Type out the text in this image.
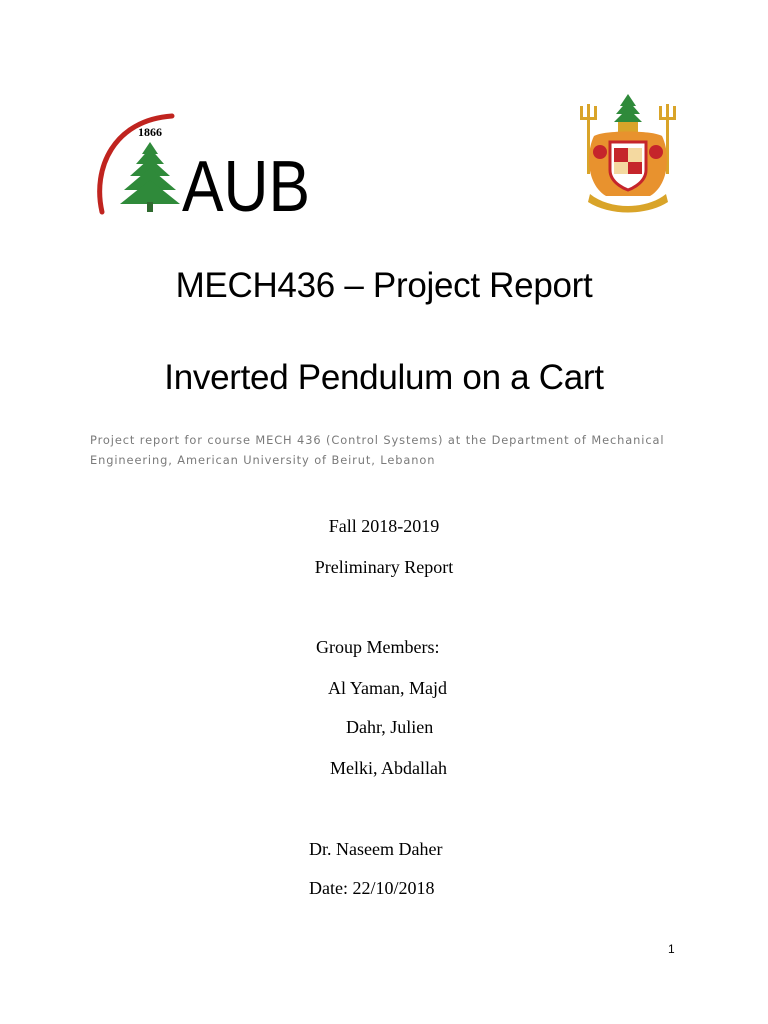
1866
AUB
MECH436 – Project Report
Inverted Pendulum on a Cart
Project report for course MECH 436 (Control Systems) at the Department of Mechanical Engineering, American University of Beirut, Lebanon
Fall 2018-2019
Preliminary Report
Group Members:
Al Yaman, Majd
Dahr, Julien
Melki, Abdallah
Dr. Naseem Daher
Date: 22/10/2018
1
